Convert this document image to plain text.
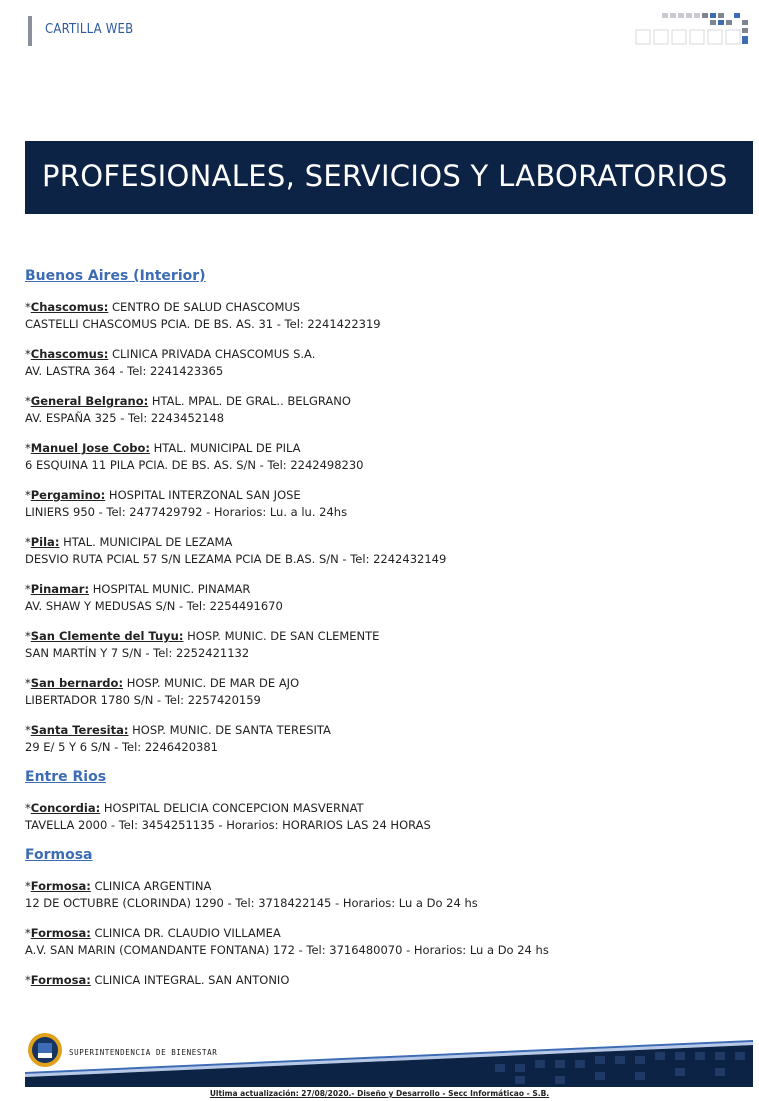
CARTILLA WEB
PROFESIONALES, SERVICIOS Y LABORATORIOS
Buenos Aires (Interior)
*Chascomus: CENTRO DE SALUD CHASCOMUS
CASTELLI CHASCOMUS PCIA. DE BS. AS. 31 - Tel: 2241422319
*Chascomus: CLINICA PRIVADA CHASCOMUS S.A.
AV. LASTRA 364 - Tel: 2241423365
*General Belgrano: HTAL. MPAL. DE GRAL.. BELGRANO
AV. ESPAÑA 325 - Tel: 2243452148
*Manuel Jose Cobo: HTAL. MUNICIPAL DE PILA
6 ESQUINA 11 PILA PCIA. DE BS. AS. S/N - Tel: 2242498230
*Pergamino: HOSPITAL INTERZONAL SAN JOSE
LINIERS 950 - Tel: 2477429792 - Horarios: Lu. a lu. 24hs
*Pila: HTAL. MUNICIPAL DE LEZAMA
DESVIO RUTA PCIAL 57 S/N LEZAMA PCIA DE B.AS. S/N - Tel: 2242432149
*Pinamar: HOSPITAL MUNIC. PINAMAR
AV. SHAW Y MEDUSAS S/N - Tel: 2254491670
*San Clemente del Tuyu: HOSP. MUNIC. DE SAN CLEMENTE
SAN MARTÍN Y 7 S/N - Tel: 2252421132
*San bernardo: HOSP. MUNIC. DE MAR DE AJO
LIBERTADOR 1780 S/N - Tel: 2257420159
*Santa Teresita: HOSP. MUNIC. DE SANTA TERESITA
29 E/ 5 Y 6 S/N - Tel: 2246420381
Entre Rios
*Concordia: HOSPITAL DELICIA CONCEPCION MASVERNAT
TAVELLA 2000 - Tel: 3454251135 - Horarios: HORARIOS LAS 24 HORAS
Formosa
*Formosa: CLINICA ARGENTINA
12 DE OCTUBRE (CLORINDA) 1290 - Tel: 3718422145 - Horarios: Lu a Do 24 hs
*Formosa: CLINICA DR. CLAUDIO VILLAMEA
A.V. SAN MARIN (COMANDANTE FONTANA) 172 - Tel: 3716480070 - Horarios: Lu a Do 24 hs
*Formosa: CLINICA INTEGRAL. SAN ANTONIO
SUPERINTENDENCIA DE BIENESTAR
Ultima actualización: 27/08/2020.- Diseño y Desarrollo - Secc Informáticao - S.B.
